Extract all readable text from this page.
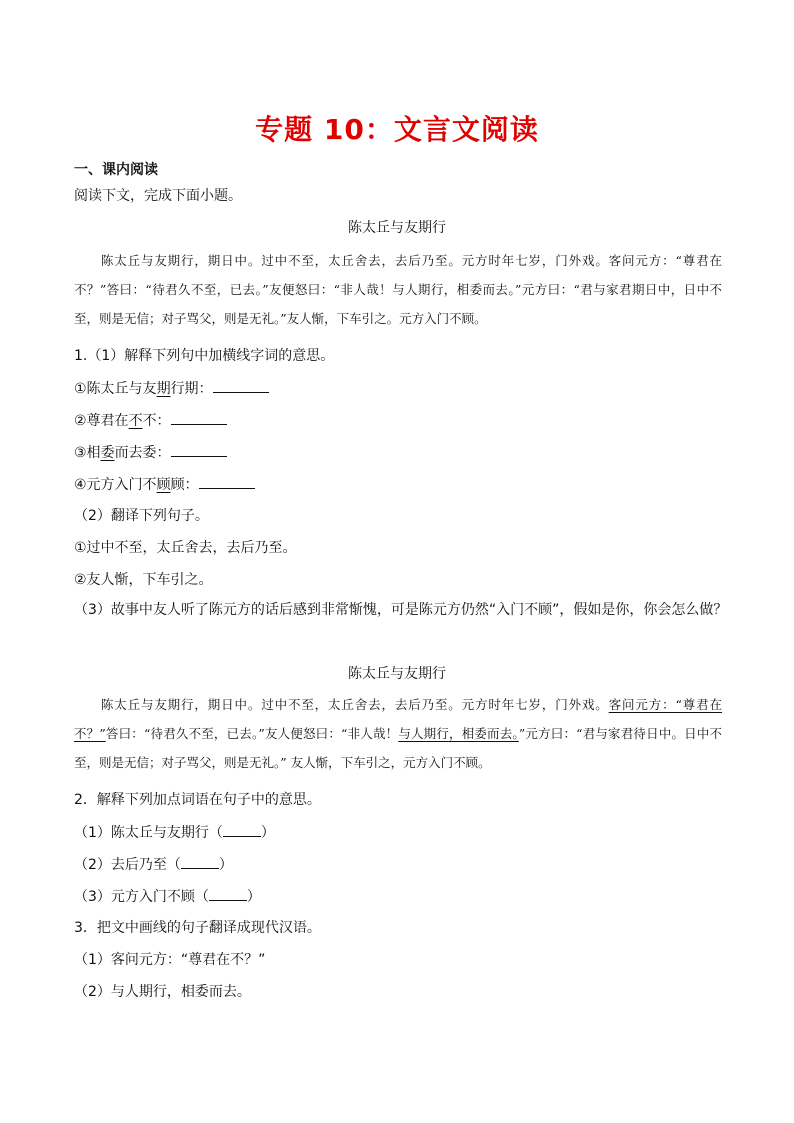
专题 10：文言文阅读
一、课内阅读
阅读下文，完成下面小题。
陈太丘与友期行
陈太丘与友期行，期日中。过中不至，太丘舍去，去后乃至。元方时年七岁，门外戏。客问元方：“尊君在不？”答曰：“待君久不至，已去。”友便怒曰：“非人哉！与人期行，相委而去。”元方曰：“君与家君期日中，日中不至，则是无信；对子骂父，则是无礼。”友人惭，下车引之。元方入门不顾。
1.（1）解释下列句中加横线字词的意思。
①陈太丘与友期行期：
②尊君在不不：
③相委而去委：
④元方入门不顾顾：
（2）翻译下列句子。
①过中不至，太丘舍去，去后乃至。
②友人惭，下车引之。
（3）故事中友人听了陈元方的话后感到非常惭愧，可是陈元方仍然“入门不顾”，假如是你，你会怎么做？
陈太丘与友期行
陈太丘与友期行，期日中。过中不至，太丘舍去，去后乃至。元方时年七岁，门外戏。客问元方：“尊君在不？”答曰：“待君久不至，已去。”友人便怒曰：“非人哉！与人期行，相委而去。”元方曰：“君与家君待日中。日中不至，则是无信；对子骂父，则是无礼。” 友人惭，下车引之，元方入门不顾。
2．解释下列加点词语在句子中的意思。
（1）陈太丘与友期行（	）
（2）去后乃至（	）
（3）元方入门不顾（	）
3．把文中画线的句子翻译成现代汉语。
（1）客问元方：“尊君在不？”
（2）与人期行，相委而去。
